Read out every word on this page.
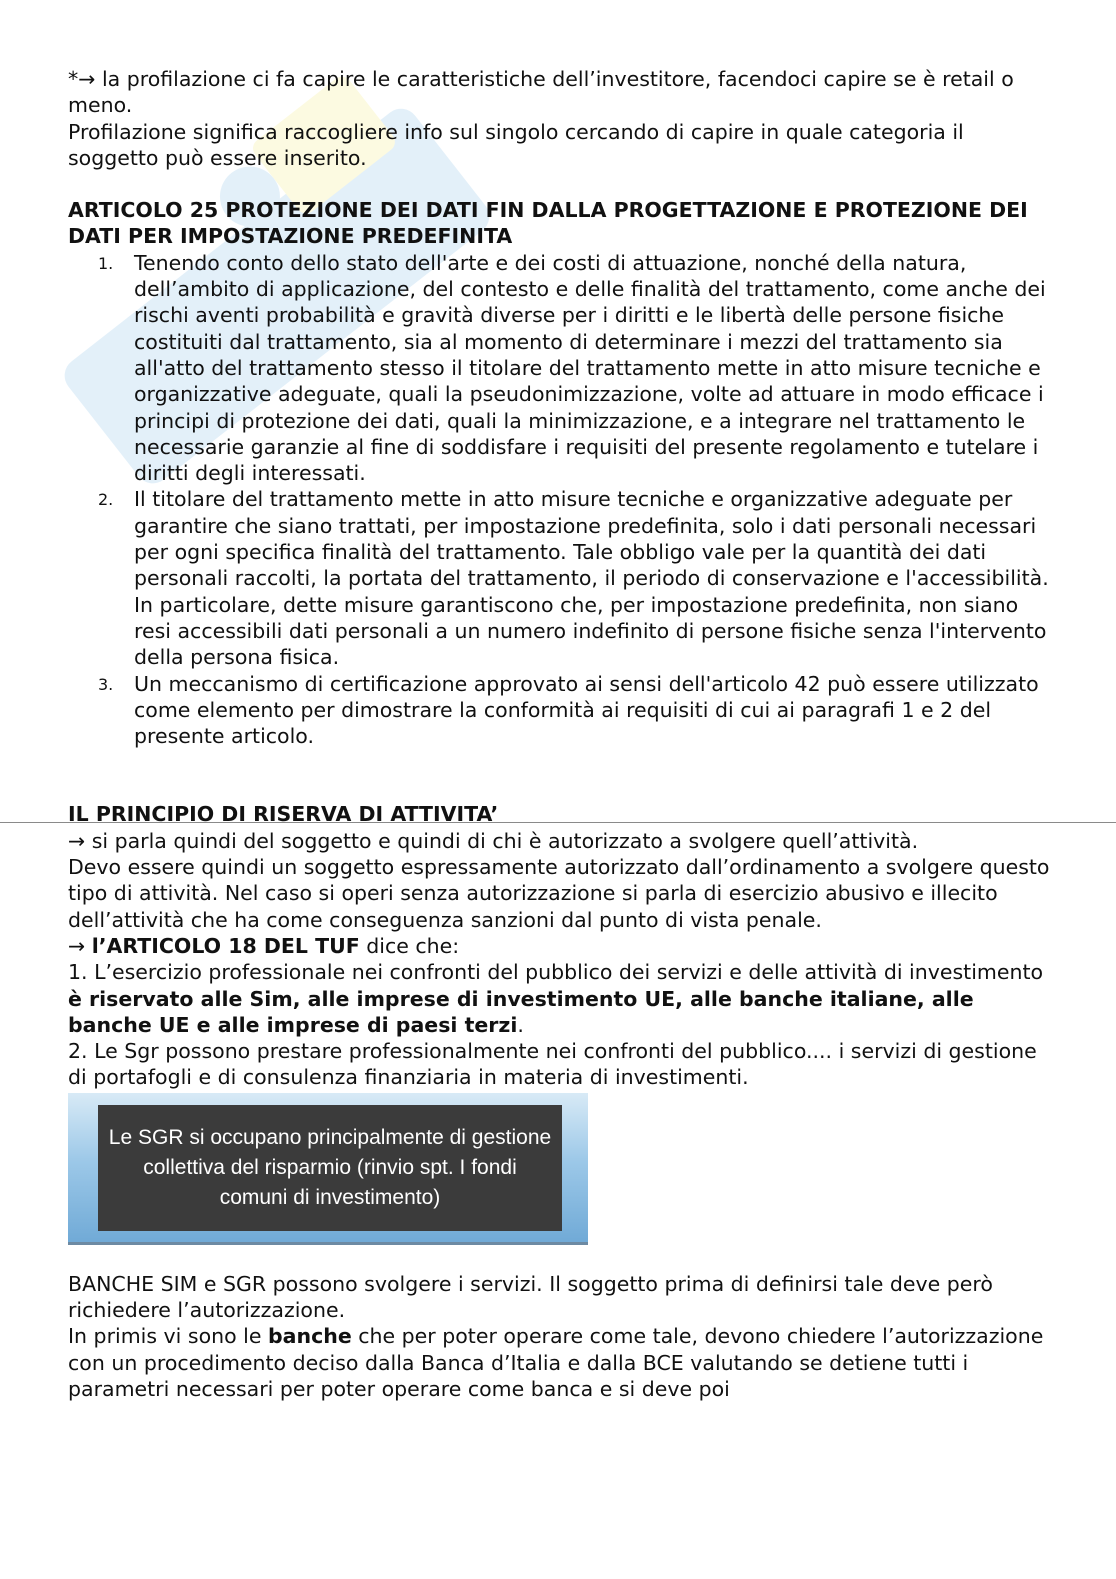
*→ la profilazione ci fa capire le caratteristiche dell’investitore, facendoci capire se è retail o meno.

Profilazione significa raccogliere info sul singolo cercando di capire in quale categoria il soggetto può essere inserito.

ARTICOLO 25 PROTEZIONE DEI DATI FIN DALLA PROGETTAZIONE E PROTEZIONE DEI DATI PER IMPOSTAZIONE PREDEFINITA
1. Tenendo conto dello stato dell'arte e dei costi di attuazione, nonché della natura, dell’ambito di applicazione, del contesto e delle finalità del trattamento, come anche dei rischi aventi probabilità e gravità diverse per i diritti e le libertà delle persone fisiche costituiti dal trattamento, sia al momento di determinare i mezzi del trattamento sia all'atto del trattamento stesso il titolare del trattamento mette in atto misure tecniche e organizzative adeguate, quali la pseudonimizzazione, volte ad attuare in modo efficace i principi di protezione dei dati, quali la minimizzazione, e a integrare nel trattamento le necessarie garanzie al fine di soddisfare i requisiti del presente regolamento e tutelare i diritti degli interessati.
2. Il titolare del trattamento mette in atto misure tecniche e organizzative adeguate per garantire che siano trattati, per impostazione predefinita, solo i dati personali necessari per ogni specifica finalità del trattamento. Tale obbligo vale per la quantità dei dati personali raccolti, la portata del trattamento, il periodo di conservazione e l'accessibilità. In particolare, dette misure garantiscono che, per impostazione predefinita, non siano resi accessibili dati personali a un numero indefinito di persone fisiche senza l'intervento della persona fisica.
3. Un meccanismo di certificazione approvato ai sensi dell'articolo 42 può essere utilizzato come elemento per dimostrare la conformità ai requisiti di cui ai paragrafi 1 e 2 del presente articolo.
IL PRINCIPIO DI RISERVA DI ATTIVITA’

→ si parla quindi del soggetto e quindi di chi è autorizzato a svolgere quell’attività.

Devo essere quindi un soggetto espressamente autorizzato dall’ordinamento a svolgere questo tipo di attività. Nel caso si operi senza autorizzazione si parla di esercizio abusivo e illecito dell’attività che ha come conseguenza sanzioni dal punto di vista penale.

→ l’ARTICOLO 18 DEL TUF dice che:

1. L’esercizio professionale nei confronti del pubblico dei servizi e delle attività di investimento è riservato alle Sim, alle imprese di investimento UE, alle banche italiane, alle banche UE e alle imprese di paesi terzi.

2. Le Sgr possono prestare professionalmente nei confronti del pubblico.... i servizi di gestione di portafogli e di consulenza finanziaria in materia di investimenti.

Le SGR si occupano principalmente di gestione collettiva del risparmio (rinvio spt. I fondi comuni di investimento)

BANCHE SIM e SGR possono svolgere i servizi. Il soggetto prima di definirsi tale deve però richiedere l’autorizzazione.

In primis vi sono le banche che per poter operare come tale, devono chiedere l’autorizzazione con un procedimento deciso dalla Banca d’Italia e dalla BCE valutando se detiene tutti i parametri necessari per poter operare come banca e si deve poi
